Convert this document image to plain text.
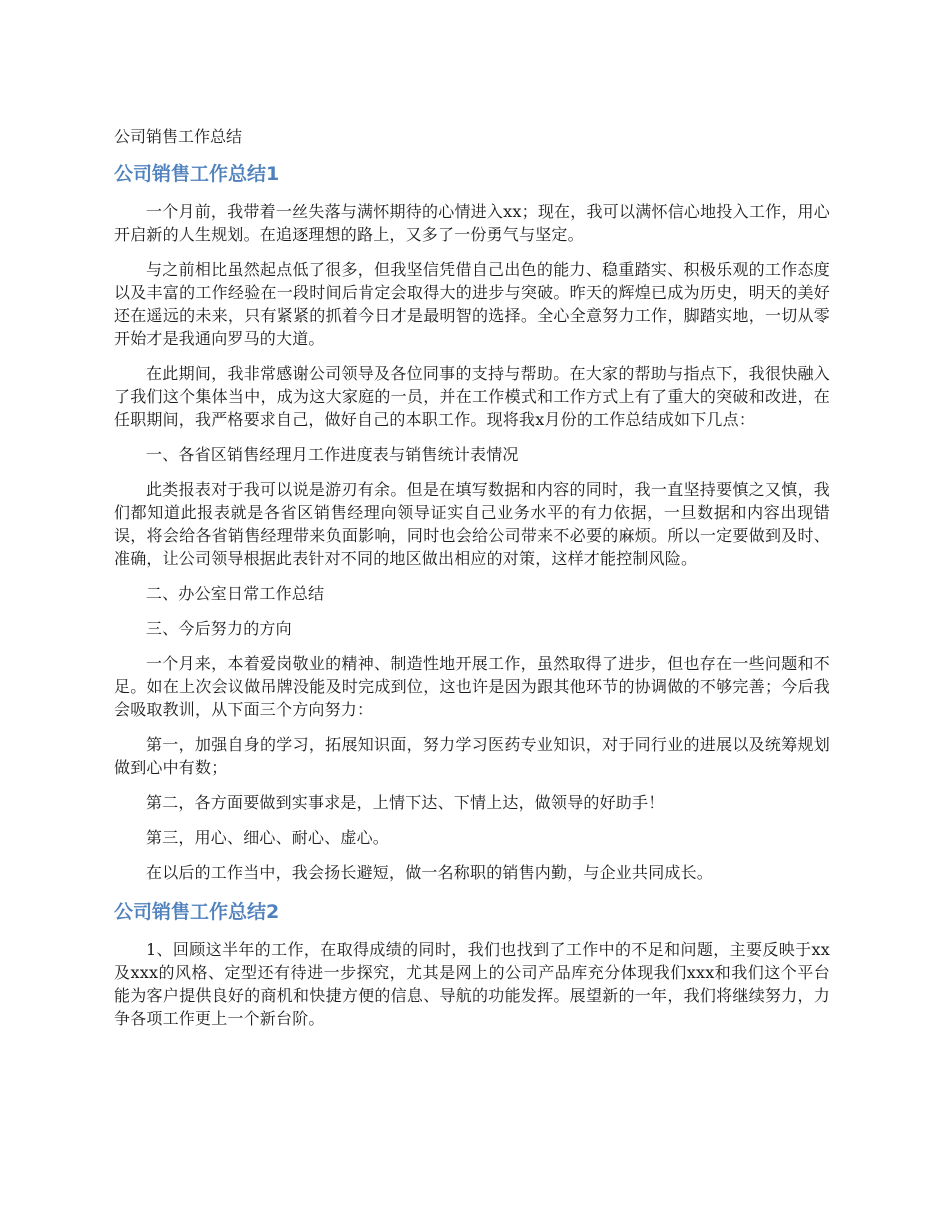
公司销售工作总结
公司销售工作总结1

一个月前，我带着一丝失落与满怀期待的心情进入xx；现在，我可以满怀信心地投入工作，用心开启新的人生规划。在追逐理想的路上，又多了一份勇气与坚定。

与之前相比虽然起点低了很多，但我坚信凭借自己出色的能力、稳重踏实、积极乐观的工作态度以及丰富的工作经验在一段时间后肯定会取得大的进步与突破。昨天的辉煌已成为历史，明天的美好还在遥远的未来，只有紧紧的抓着今日才是最明智的选择。全心全意努力工作，脚踏实地，一切从零开始才是我通向罗马的大道。

在此期间，我非常感谢公司领导及各位同事的支持与帮助。在大家的帮助与指点下，我很快融入了我们这个集体当中，成为这大家庭的一员，并在工作模式和工作方式上有了重大的突破和改进，在任职期间，我严格要求自己，做好自己的本职工作。现将我x月份的工作总结成如下几点：

一、各省区销售经理月工作进度表与销售统计表情况

此类报表对于我可以说是游刃有余。但是在填写数据和内容的同时，我一直坚持要慎之又慎，我们都知道此报表就是各省区销售经理向领导证实自己业务水平的有力依据，一旦数据和内容出现错误，将会给各省销售经理带来负面影响，同时也会给公司带来不必要的麻烦。所以一定要做到及时、准确，让公司领导根据此表针对不同的地区做出相应的对策，这样才能控制风险。

二、办公室日常工作总结

三、今后努力的方向

一个月来，本着爱岗敬业的精神、制造性地开展工作，虽然取得了进步，但也存在一些问题和不足。如在上次会议做吊牌没能及时完成到位，这也许是因为跟其他环节的协调做的不够完善；今后我会吸取教训，从下面三个方向努力：

第一，加强自身的学习，拓展知识面，努力学习医药专业知识，对于同行业的进展以及统筹规划做到心中有数；

第二，各方面要做到实事求是，上情下达、下情上达，做领导的好助手！

第三，用心、细心、耐心、虚心。

在以后的工作当中，我会扬长避短，做一名称职的销售内勤，与企业共同成长。

公司销售工作总结2

1、回顾这半年的工作，在取得成绩的同时，我们也找到了工作中的不足和问题，主要反映于xx及xxx的风格、定型还有待进一步探究，尤其是网上的公司产品库充分体现我们xxx和我们这个平台能为客户提供良好的商机和快捷方便的信息、导航的功能发挥。展望新的一年，我们将继续努力，力争各项工作更上一个新台阶。
